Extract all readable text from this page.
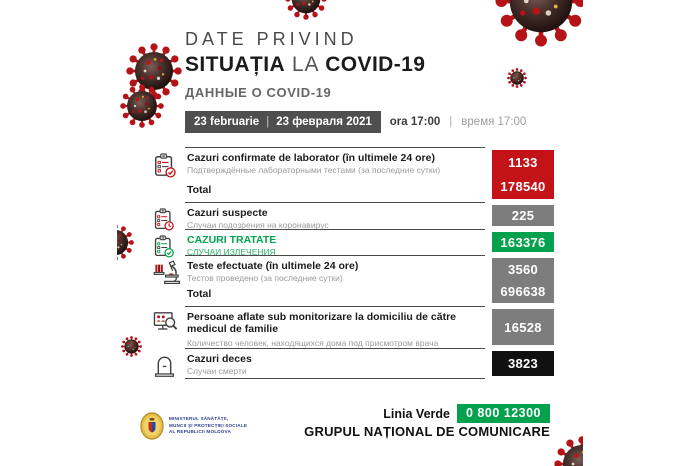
DATE PRIVIND
SITUAȚIA LA COVID-19
ДАННЫЕ О COVID-19
23 februarie | 23 февраля 2021 ora 17:00 | время 17:00
Cazuri confirmate de laborator (în ultimele 24 ore)
Подтверждённые лабораторными тестами (за последние сутки)
Total
1133
178540
Cazuri suspecte
Случаи подозрения на коронавирус
225
CAZURI TRATATE
СЛУЧАИ ИЗЛЕЧЕНИЯ
163376
Teste efectuate (în ultimele 24 ore)
Тестов проведено (за последние сутки)
Total
3560
696638
Persoane aflate sub monitorizare la domiciliu de către medicul de familie
Количество человек, находящихся дома под присмотром врача
16528
Cazuri deces
Случаи смерти
3823
MINISTERUL SĂNĂTĂȚII,
MUNCII ȘI PROTECȚIEI SOCIALE
AL REPUBLICII MOLDOVA
Linia Verde	0 800 12300
GRUPUL NAȚIONAL DE COMUNICARE
